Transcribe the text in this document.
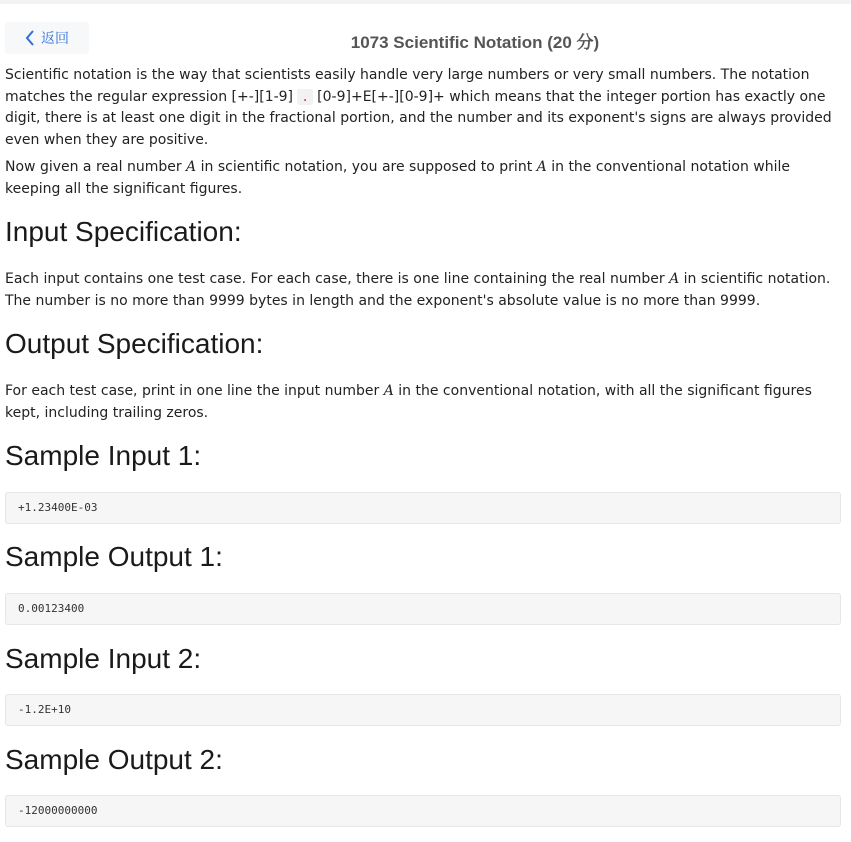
返回	1073 Scientific Notation (20 分)

Scientific notation is the way that scientists easily handle very large numbers or very small numbers. The notation matches the regular expression [+-][1-9] . [0-9]+E[+-][0-9]+ which means that the integer portion has exactly one digit, there is at least one digit in the fractional portion, and the number and its exponent's signs are always provided even when they are positive.

Now given a real number A in scientific notation, you are supposed to print A in the conventional notation while keeping all the significant figures.

Input Specification:
Each input contains one test case. For each case, there is one line containing the real number A in scientific notation. The number is no more than 9999 bytes in length and the exponent's absolute value is no more than 9999.
Output Specification:
For each test case, print in one line the input number A in the conventional notation, with all the significant figures kept, including trailing zeros.
Sample Input 1:
+1.23400E-03
Sample Output 1:
0.00123400
Sample Input 2:
-1.2E+10
Sample Output 2:
-12000000000
